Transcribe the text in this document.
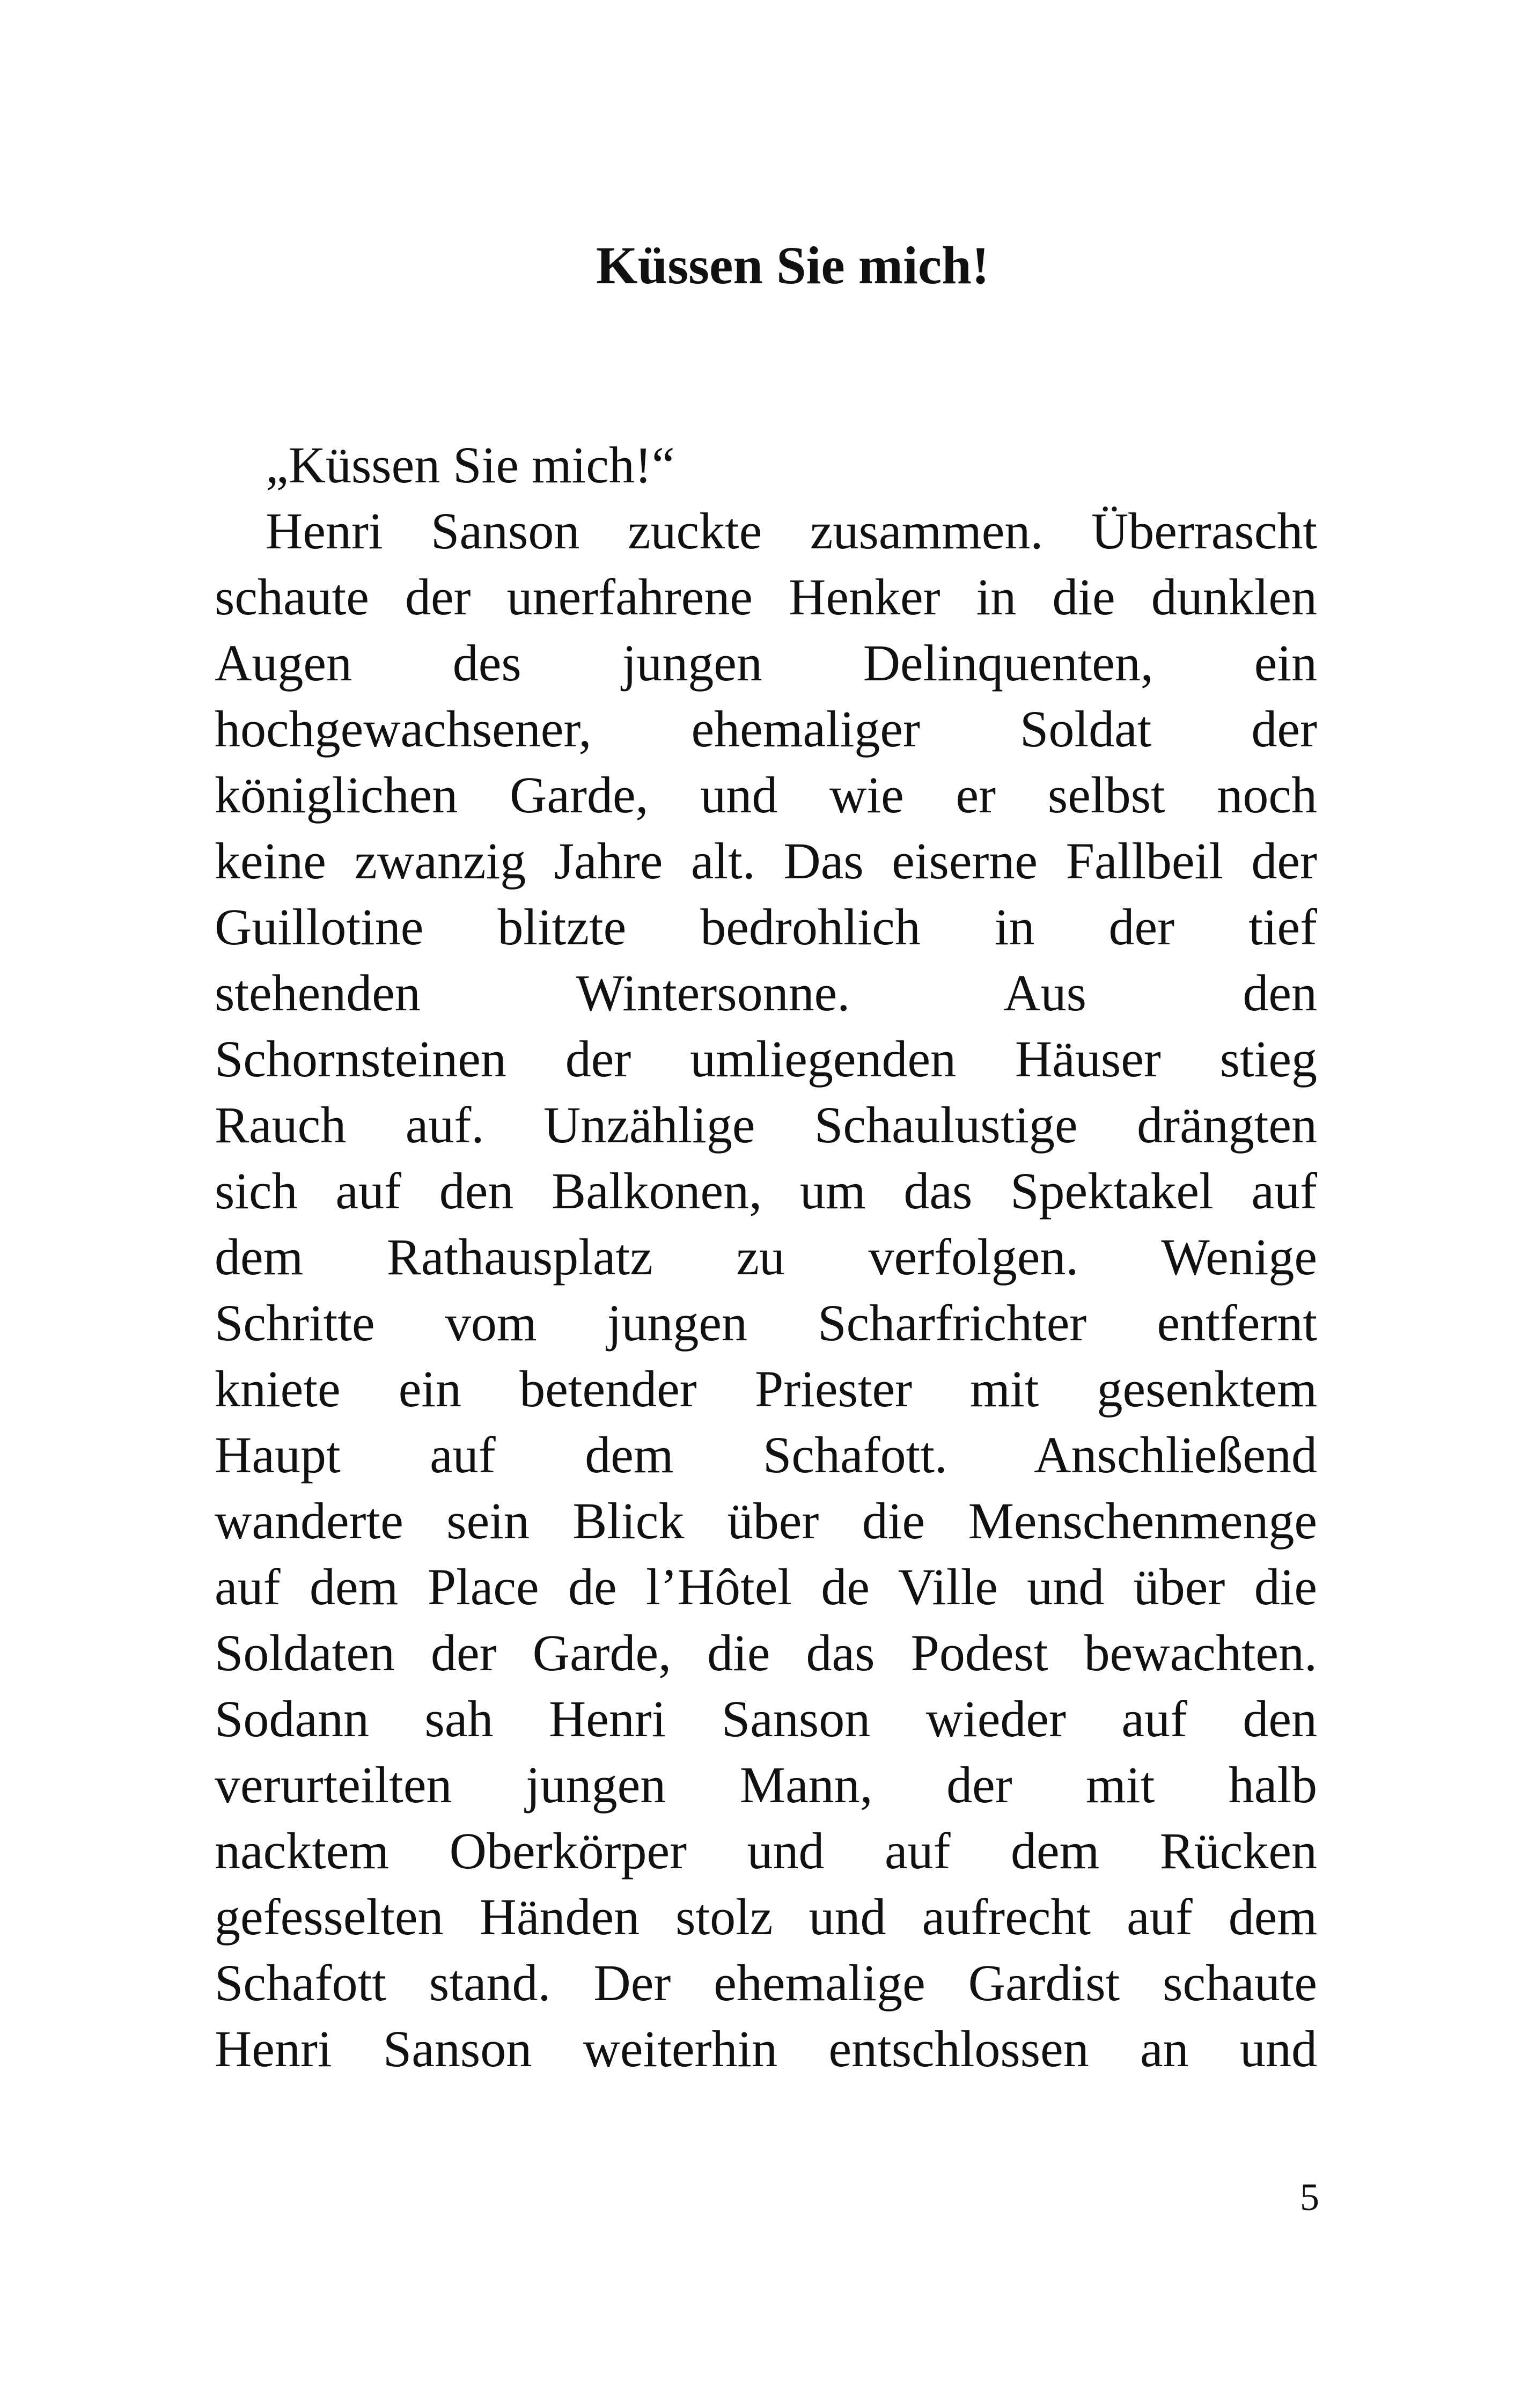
Küssen Sie mich!
„Küssen Sie mich!“
Henri Sanson zuckte zusammen. Überrascht
schaute der unerfahrene Henker in die dunklen
Augen des jungen Delinquenten, ein
hochgewachsener, ehemaliger Soldat der
königlichen Garde, und wie er selbst noch
keine zwanzig Jahre alt. Das eiserne Fallbeil der
Guillotine blitzte bedrohlich in der tief
stehenden Wintersonne. Aus den
Schornsteinen der umliegenden Häuser stieg
Rauch auf. Unzählige Schaulustige drängten
sich auf den Balkonen, um das Spektakel auf
dem Rathausplatz zu verfolgen. Wenige
Schritte vom jungen Scharfrichter entfernt
kniete ein betender Priester mit gesenktem
Haupt auf dem Schafott. Anschließend
wanderte sein Blick über die Menschenmenge
auf dem Place de l’Hôtel de Ville und über die
Soldaten der Garde, die das Podest bewachten.
Sodann sah Henri Sanson wieder auf den
verurteilten jungen Mann, der mit halb
nacktem Oberkörper und auf dem Rücken
gefesselten Händen stolz und aufrecht auf dem
Schafott stand. Der ehemalige Gardist schaute
Henri Sanson weiterhin entschlossen an und
5
